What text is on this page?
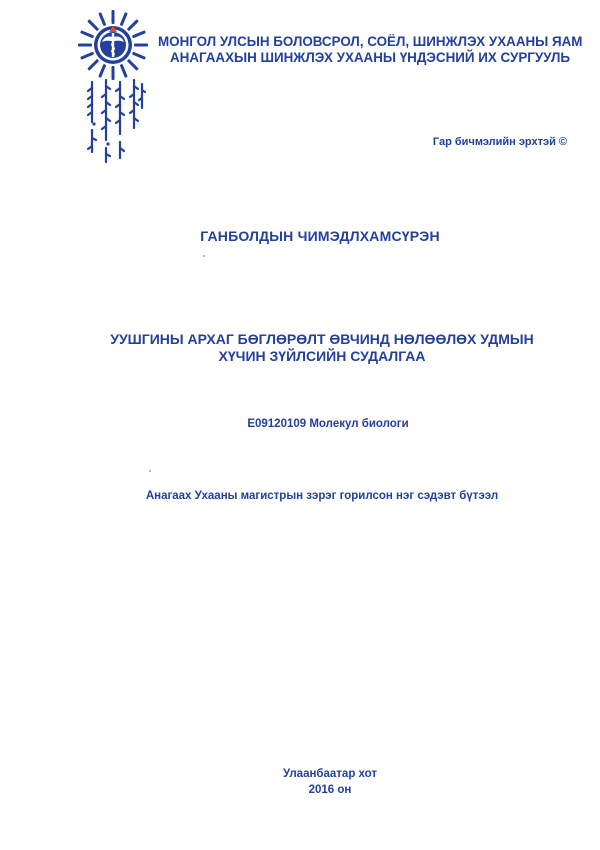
МОНГОЛ УЛСЫН БОЛОВСРОЛ, СОЁЛ, ШИНЖЛЭХ УХААНЫ ЯАМ
АНАГААХЫН ШИНЖЛЭХ УХААНЫ ҮНДЭСНИЙ ИХ СУРГУУЛЬ
Гар бичмэлийн эрхтэй ©
ГАНБОЛДЫН ЧИМЭДЛХАМСҮРЭН
УУШГИНЫ АРХАГ БӨГЛӨРӨЛТ ӨВЧИНД НӨЛӨӨЛӨХ УДМЫН
ХҮЧИН ЗҮЙЛСИЙН СУДАЛГАА
Е09120109 Молекул биологи
Анагаах Ухааны магистрын зэрэг горилсон нэг сэдэвт бүтээл
Улаанбаатар хот
2016 он
